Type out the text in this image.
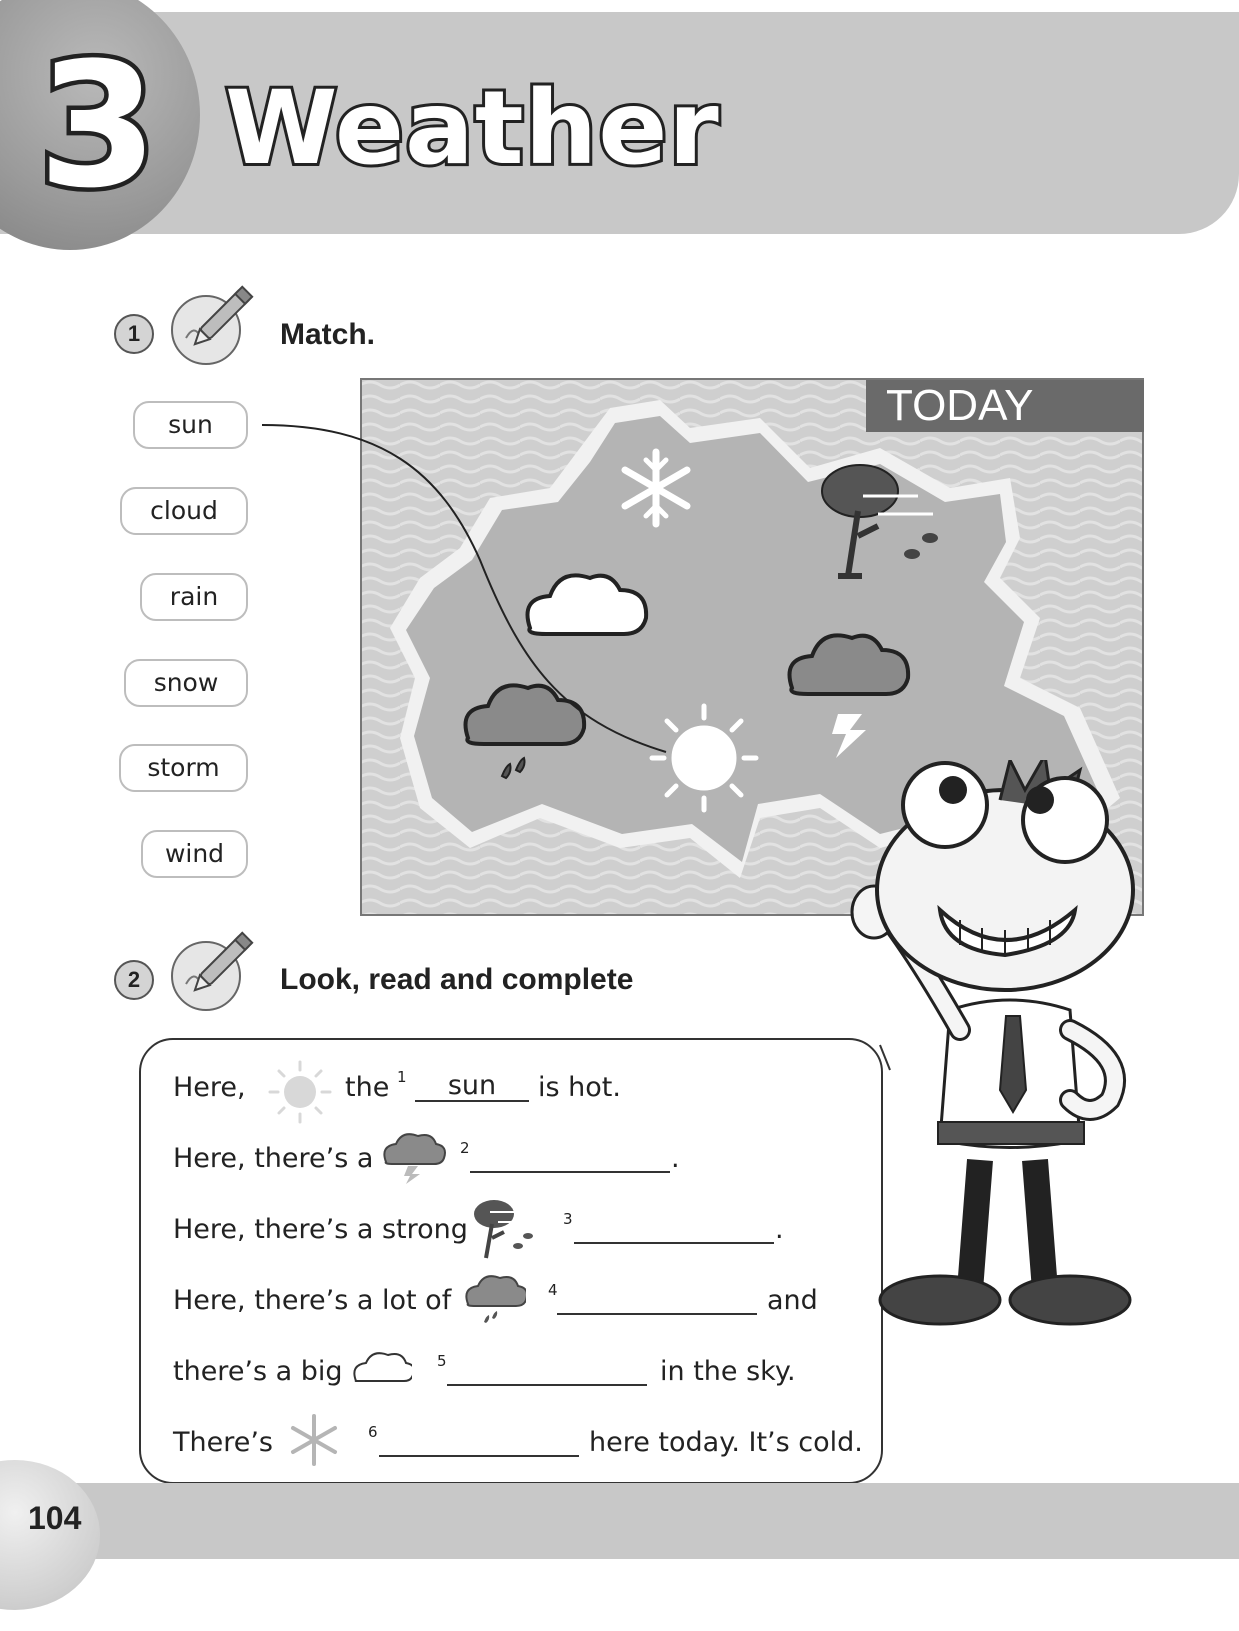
3 Weather
1	Match.
sun
cloud
rain
snow
storm
wind
TODAY
2	Look, read and complete
Here,	the 1	sun	is hot.
Here, there’s a	2	.
Here, there’s a strong	3	.
Here, there’s a lot of	4	and
there’s a big	5	in the sky.
There’s	6	here today. It’s cold.
104
